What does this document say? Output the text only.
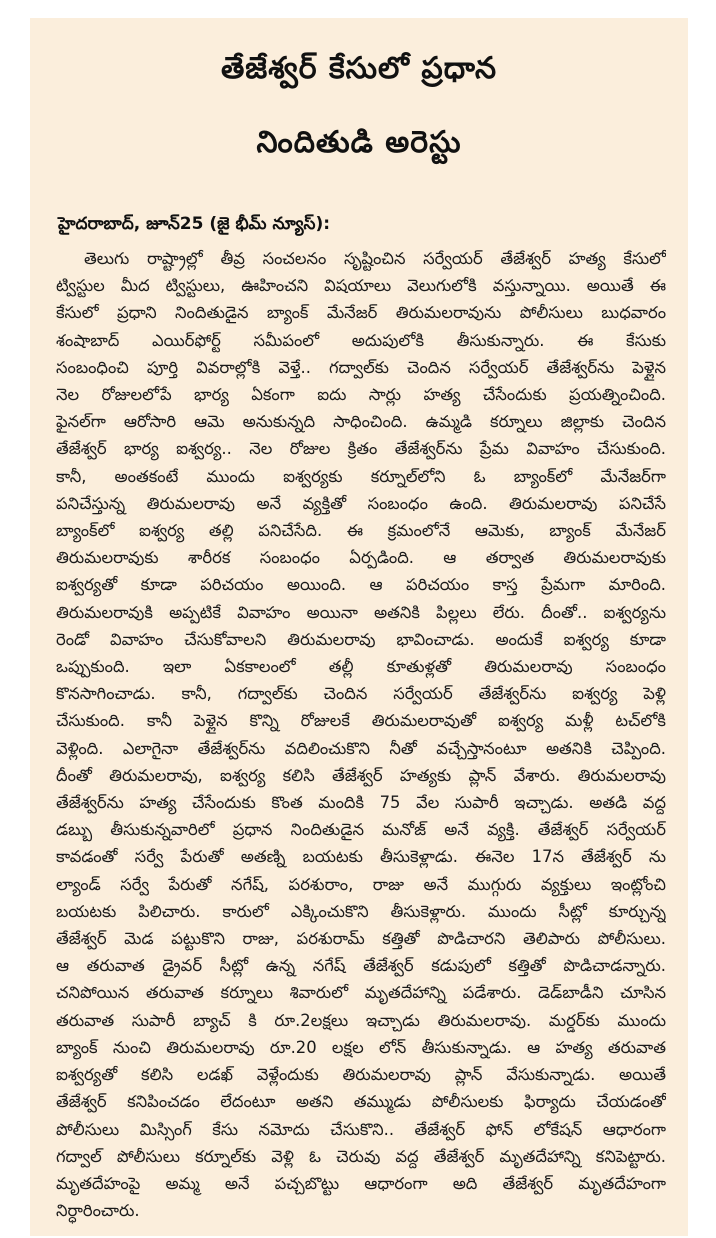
తేజేశ్వర్ కేసులో ప్రధాన
నిందితుడి అరెస్టు

హైదరాబాద్, జూన్25 (జై భీమ్ న్యూస్):

తెలుగు రాష్ట్రాల్లో తీవ్ర సంచలనం సృష్టించిన సర్వేయర్ తేజేశ్వర్ హత్య కేసులో
ట్విస్టుల మీద ట్విస్టులు, ఊహించని విషయాలు వెలుగులోకి వస్తున్నాయి. అయితే ఈ
కేసులో ప్రధాని నిందితుడైన బ్యాంక్ మేనేజర్ తిరుమలరావును పోలీసులు బుధవారం
శంషాబాద్ ఎయిర్‌ఫోర్ట్ సమీపంలో అదుపులోకి తీసుకున్నారు. ఈ కేసుకు
సంబంధించి పూర్తి వివరాల్లోకి వెళ్తే.. గద్వాల్‌కు చెందిన సర్వేయర్ తేజేశ్వర్‌ను పెళ్లైన
నెల రోజులలోపే భార్య ఏకంగా ఐదు సార్లు హత్య చేసేందుకు ప్రయత్నించింది.
ఫైనల్‌గా ఆరోసారి ఆమె అనుకున్నది సాధించింది. ఉమ్మడి కర్నూలు జిల్లాకు చెందిన
తేజేశ్వర్ భార్య ఐశ్వర్య.. నెల రోజుల క్రితం తేజేశ్వర్‌ను ప్రేమ వివాహం చేసుకుంది.
కానీ, అంతకంటే ముందు ఐశ్వర్యకు కర్నూల్‌లోని ఓ బ్యాంక్‌లో మేనేజర్‌గా
పనిచేస్తున్న తిరుమలరావు అనే వ్యక్తితో సంబంధం ఉంది. తిరుమలరావు పనిచేసే
బ్యాంక్‌లో ఐశ్వర్య తల్లి పనిచేసేది. ఈ క్రమంలోనే ఆమెకు, బ్యాంక్ మేనేజర్
తిరుమలరావుకు శారీరక సంబంధం ఏర్పడింది. ఆ తర్వాత తిరుమలరావుకు
ఐశ్వర్యతో కూడా పరిచయం అయింది. ఆ పరిచయం కాస్త ప్రేమగా మారింది.
తిరుమలరావుకి అప్పటికే వివాహం అయినా అతనికి పిల్లలు లేరు. దీంతో.. ఐశ్వర్యను
రెండో వివాహం చేసుకోవాలని తిరుమలరావు భావించాడు. అందుకే ఐశ్వర్య కూడా
ఒప్పుకుంది. ఇలా ఏకకాలంలో తల్లీ కూతుళ్లతో తిరుమలరావు సంబంధం
కొనసాగించాడు. కానీ, గద్వాల్‌కు చెందిన సర్వేయర్ తేజేశ్వర్‌ను ఐశ్వర్య పెళ్లి
చేసుకుంది. కానీ పెళ్లైన కొన్ని రోజులకే తిరుమలరావుతో ఐశ్వర్య మళ్లీ టచ్‌లోకి
వెళ్లింది. ఎలాగైనా తేజేశ్వర్‌ను వదిలించుకొని నీతో వచ్చేస్తానంటూ అతనికి చెప్పింది.
దీంతో తిరుమలరావు, ఐశ్వర్య కలిసి తేజేశ్వర్ హత్యకు ప్లాన్ వేశారు. తిరుమలరావు
తేజేశ్వర్‌ను హత్య చేసేందుకు కొంత మందికి 75 వేల సుపారీ ఇచ్చాడు. అతడి వద్ద
డబ్బు తీసుకున్నవారిలో ప్రధాన నిందితుడైన మనోజ్ అనే వ్యక్తి. తేజేశ్వర్ సర్వేయర్
కావడంతో సర్వే పేరుతో అతణ్ని బయటకు తీసుకెళ్లాడు. ఈనెల 17న తేజేశ్వర్ ను
ల్యాండ్ సర్వే పేరుతో నగేష్, పరశురాం, రాజు అనే ముగ్గురు వ్యక్తులు ఇంట్లోంచి
బయటకు పిలిచారు. కారులో ఎక్కించుకొని తీసుకెళ్లారు. ముందు సీట్లో కూర్చున్న
తేజేశ్వర్ మెడ పట్టుకొని రాజు, పరశురామ్ కత్తితో పొడిచారని తెలిపారు పోలీసులు.
ఆ తరువాత డ్రైవర్ సీట్లో ఉన్న నగేష్ తేజేశ్వర్ కడుపులో కత్తితో పొడిచాడన్నారు.
చనిపోయిన తరువాత కర్నూలు శివారులో మృతదేహాన్ని పడేశారు. డెడ్‌బాడీని చూసిన
తరువాత సుపారీ బ్యాచ్ కి రూ.2లక్షలు ఇచ్చాడు తిరుమలరావు. మర్డర్‌కు ముందు
బ్యాంక్ నుంచి తిరుమలరావు రూ.20 లక్షల లోన్ తీసుకున్నాడు. ఆ హత్య తరువాత
ఐశ్వర్యతో కలిసి లడఖ్ వెళ్లేందుకు తిరుమలరావు ప్లాన్ వేసుకున్నాడు. అయితే
తేజేశ్వర్ కనిపించడం లేదంటూ అతని తమ్ముడు పోలీసులకు ఫిర్యాదు చేయడంతో
పోలీసులు మిస్సింగ్ కేసు నమోదు చేసుకొని.. తేజేశ్వర్ ఫోన్ లోకేషన్ ఆధారంగా
గద్వాల్ పోలీసులు కర్నూల్‌కు వెళ్లి ఓ చెరువు వద్ద తేజేశ్వర్ మృతదేహాన్ని కనిపెట్టారు.
మృతదేహంపై అమ్మ అనే పచ్చబొట్టు ఆధారంగా అది తేజేశ్వర్ మృతదేహంగా
నిర్ధారించారు.
